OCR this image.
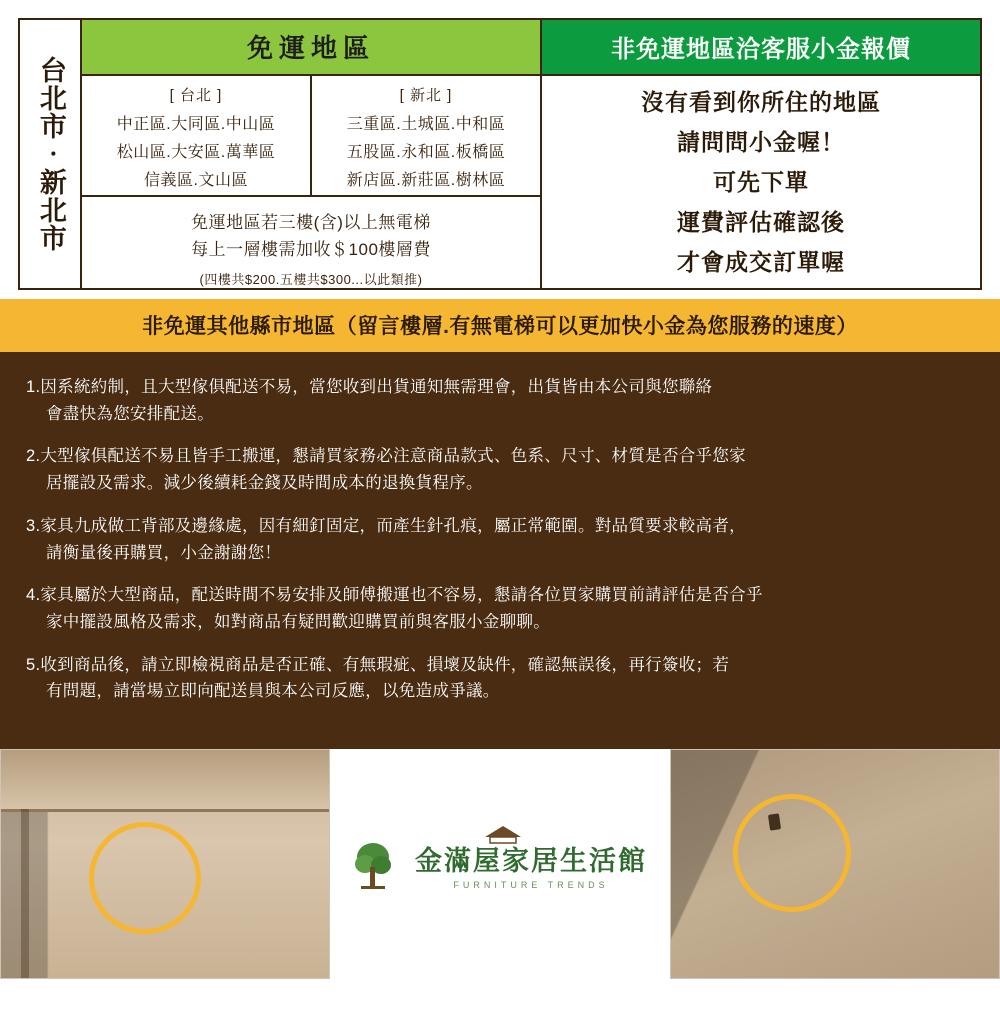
台北市‧新北市
免運地區
[ 台北 ]
中正區.大同區.中山區
松山區.大安區.萬華區
信義區.文山區
[ 新北 ]
三重區.土城區.中和區
五股區.永和區.板橋區
新店區.新莊區.樹林區
免運地區若三樓(含)以上無電梯
每上一層樓需加收＄100樓層費
(四樓共$200.五樓共$300...以此類推)
非免運地區洽客服小金報價
沒有看到你所住的地區
請問問小金喔！
可先下單
運費評估確認後
才會成交訂單喔
非免運其他縣市地區（留言樓層.有無電梯可以更加快小金為您服務的速度）
1.因系統約制，且大型傢俱配送不易，當您收到出貨通知無需理會，出貨皆由本公司與您聯絡
會盡快為您安排配送。
2.大型傢俱配送不易且皆手工搬運，懇請買家務必注意商品款式、色系、尺寸、材質是否合乎您家
居擺設及需求。減少後續耗金錢及時間成本的退換貨程序。
3.家具九成做工背部及邊緣處，因有細釘固定，而產生針孔痕，屬正常範圍。對品質要求較高者，
請衡量後再購買，小金謝謝您！
4.家具屬於大型商品，配送時間不易安排及師傅搬運也不容易，懇請各位買家購買前請評估是否合乎
家中擺設風格及需求，如對商品有疑問歡迎購買前與客服小金聊聊。
5.收到商品後，請立即檢視商品是否正確、有無瑕疵、損壞及缺件，確認無誤後，再行簽收；若
有問題，請當場立即向配送員與本公司反應，以免造成爭議。
金滿屋家居生活館
FURNITURE TRENDS
